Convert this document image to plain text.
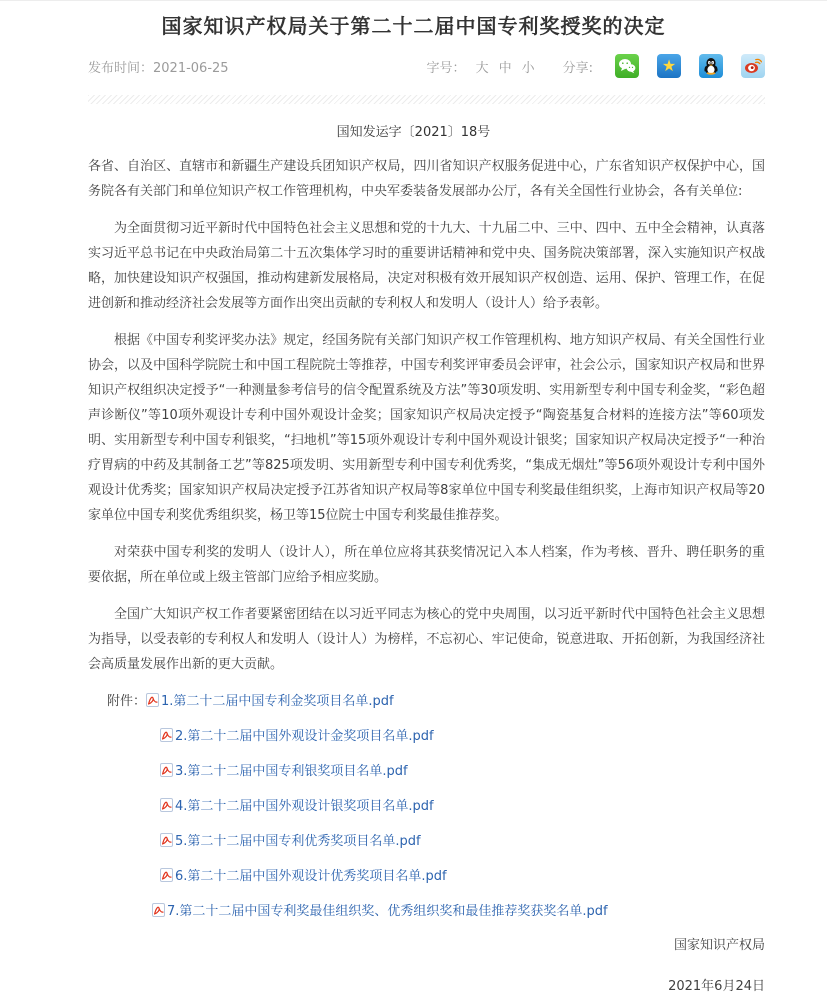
国家知识产权局关于第二十二届中国专利奖授奖的决定
发布时间：2021-06-25	字号： 大 中 小 分享:	★
国知发运字〔2021〕18号

各省、自治区、直辖市和新疆生产建设兵团知识产权局，四川省知识产权服务促进中心，广东省知识产权保护中心，国务院各有关部门和单位知识产权工作管理机构，中央军委装备发展部办公厅，各有关全国性行业协会，各有关单位:

为全面贯彻习近平新时代中国特色社会主义思想和党的十九大、十九届二中、三中、四中、五中全会精神，认真落实习近平总书记在中央政治局第二十五次集体学习时的重要讲话精神和党中央、国务院决策部署，深入实施知识产权战略，加快建设知识产权强国，推动构建新发展格局，决定对积极有效开展知识产权创造、运用、保护、管理工作，在促进创新和推动经济社会发展等方面作出突出贡献的专利权人和发明人（设计人）给予表彰。

根据《中国专利奖评奖办法》规定，经国务院有关部门知识产权工作管理机构、地方知识产权局、有关全国性行业协会，以及中国科学院院士和中国工程院院士等推荐，中国专利奖评审委员会评审，社会公示，国家知识产权局和世界知识产权组织决定授予“一种测量参考信号的信令配置系统及方法”等30项发明、实用新型专利中国专利金奖，“彩色超声诊断仪”等10项外观设计专利中国外观设计金奖；国家知识产权局决定授予“陶瓷基复合材料的连接方法”等60项发明、实用新型专利中国专利银奖，“扫地机”等15项外观设计专利中国外观设计银奖；国家知识产权局决定授予“一种治疗胃病的中药及其制备工艺”等825项发明、实用新型专利中国专利优秀奖，“集成无烟灶”等56项外观设计专利中国外观设计优秀奖；国家知识产权局决定授予江苏省知识产权局等8家单位中国专利奖最佳组织奖，上海市知识产权局等20家单位中国专利奖优秀组织奖，杨卫等15位院士中国专利奖最佳推荐奖。

对荣获中国专利奖的发明人（设计人），所在单位应将其获奖情况记入本人档案，作为考核、晋升、聘任职务的重要依据，所在单位或上级主管部门应给予相应奖励。

全国广大知识产权工作者要紧密团结在以习近平同志为核心的党中央周围，以习近平新时代中国特色社会主义思想为指导，以受表彰的专利权人和发明人（设计人）为榜样，不忘初心、牢记使命，锐意进取、开拓创新，为我国经济社会高质量发展作出新的更大贡献。

附件： 1.第二十二届中国专利金奖项目名单.pdf
2.第二十二届中国外观设计金奖项目名单.pdf
3.第二十二届中国专利银奖项目名单.pdf
4.第二十二届中国外观设计银奖项目名单.pdf
5.第二十二届中国专利优秀奖项目名单.pdf
6.第二十二届中国外观设计优秀奖项目名单.pdf
7.第二十二届中国专利奖最佳组织奖、优秀组织奖和最佳推荐奖获奖名单.pdf
国家知识产权局
2021年6月24日
